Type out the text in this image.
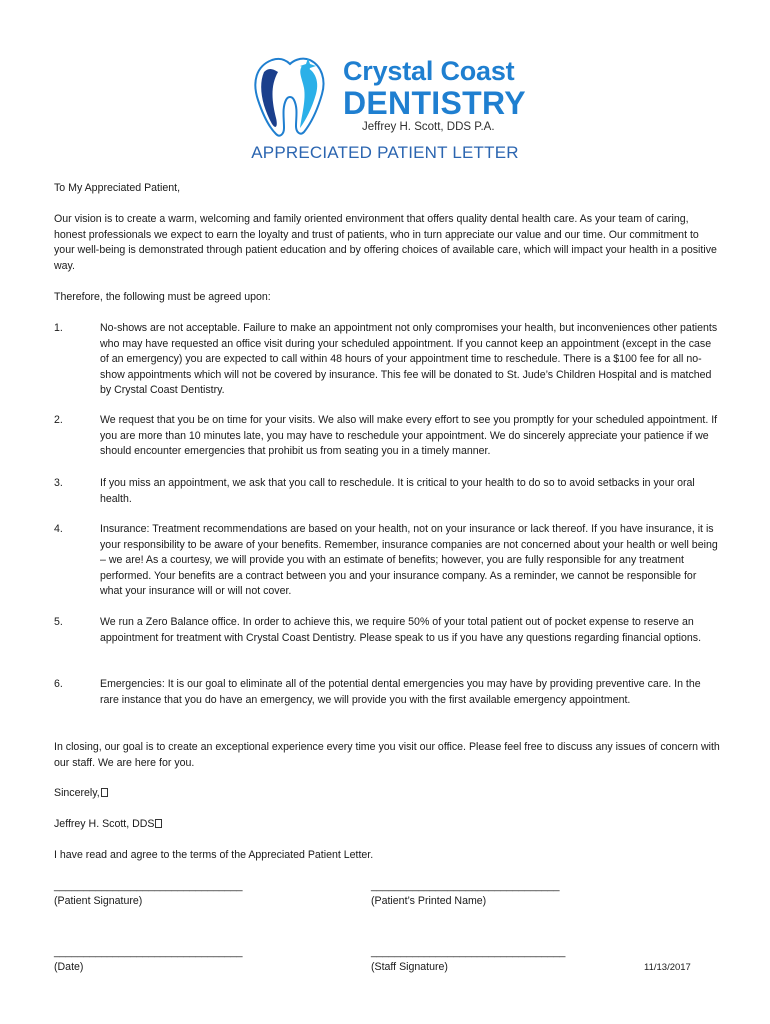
Crystal Coast
DENTISTRY
Jeffrey H. Scott, DDS P.A.
APPRECIATED PATIENT LETTER
To My Appreciated Patient,
Our vision is to create a warm, welcoming and family oriented environment that offers quality dental health care. As your team of caring, honest professionals we expect to earn the loyalty and trust of patients, who in turn appreciate our value and our time. Our commitment to your well-being is demonstrated through patient education and by offering choices of available care, which will impact your health in a positive way.
Therefore, the following must be agreed upon:
1.	No-shows are not acceptable. Failure to make an appointment not only compromises your health, but inconveniences other patients who may have requested an office visit during your scheduled appointment. If you cannot keep an appointment (except in the case of an emergency) you are expected to call within 48 hours of your appointment time to reschedule. There is a $100 fee for all no-show appointments which will not be covered by insurance. This fee will be donated to St. Jude’s Children Hospital and is matched by Crystal Coast Dentistry.
2.	We request that you be on time for your visits. We also will make every effort to see you promptly for your scheduled appointment. If you are more than 10 minutes late, you may have to reschedule your appointment. We do sincerely appreciate your patience if we should encounter emergencies that prohibit us from seating you in a timely manner.
3.	If you miss an appointment, we ask that you call to reschedule. It is critical to your health to do so to avoid setbacks in your oral health.
4.	Insurance: Treatment recommendations are based on your health, not on your insurance or lack thereof. If you have insurance, it is your responsibility to be aware of your benefits. Remember, insurance companies are not concerned about your health or well being – we are! As a courtesy, we will provide you with an estimate of benefits; however, you are fully responsible for any treatment performed. Your benefits are a contract between you and your insurance company. As a reminder, we cannot be responsible for what your insurance will or will not cover.
5.	We run a Zero Balance office. In order to achieve this, we require 50% of your total patient out of pocket expense to reserve an appointment for treatment with Crystal Coast Dentistry. Please speak to us if you have any questions regarding financial options.
6.	Emergencies: It is our goal to eliminate all of the potential dental emergencies you may have by providing preventive care. In the rare instance that you do have an emergency, we will provide you with the first available emergency appointment.
In closing, our goal is to create an exceptional experience every time you visit our office. Please feel free to discuss any issues of concern with our staff. We are here for you.
Sincerely,
Jeffrey H. Scott, DDS
I have read and agree to the terms of the Appreciated Patient Letter.
________________________________
(Patient Signature)
________________________________
(Patient’s Printed Name)
________________________________
(Date)
_________________________________
(Staff Signature)	11/13/2017
